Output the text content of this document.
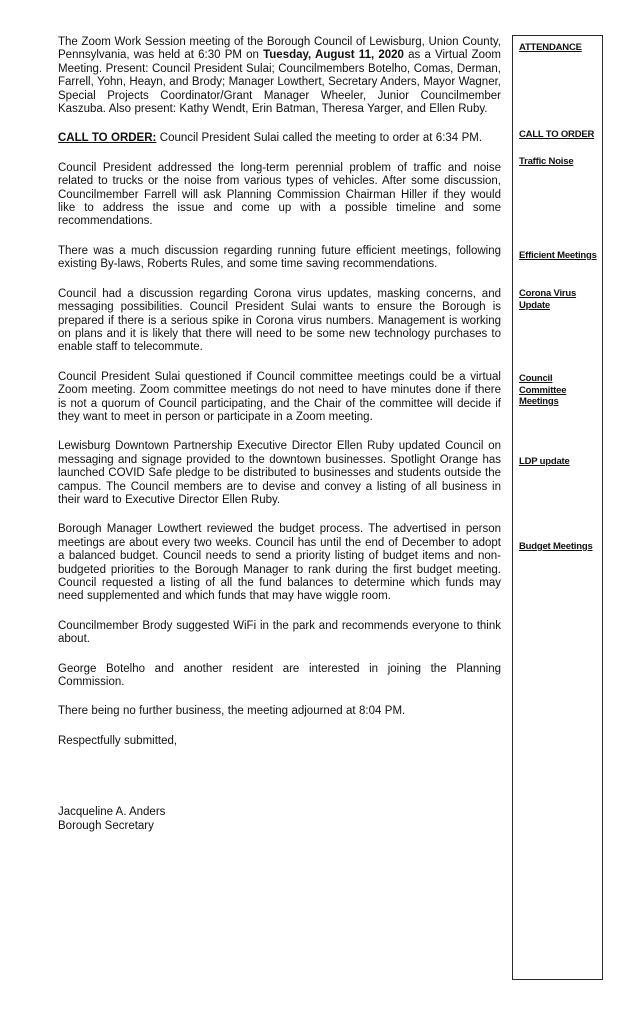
The Zoom Work Session meeting of the Borough Council of Lewisburg, Union County, Pennsylvania, was held at 6:30 PM on Tuesday, August 11, 2020 as a Virtual Zoom Meeting. Present: Council President Sulai; Councilmembers Botelho, Comas, Derman, Farrell, Yohn, Heayn, and Brody; Manager Lowthert, Secretary Anders, Mayor Wagner, Special Projects Coordinator/Grant Manager Wheeler, Junior Councilmember Kaszuba. Also present: Kathy Wendt, Erin Batman, Theresa Yarger, and Ellen Ruby.

CALL TO ORDER: Council President Sulai called the meeting to order at 6:34 PM.

Council President addressed the long-term perennial problem of traffic and noise related to trucks or the noise from various types of vehicles. After some discussion, Councilmember Farrell will ask Planning Commission Chairman Hiller if they would like to address the issue and come up with a possible timeline and some recommendations.

There was a much discussion regarding running future efficient meetings, following existing By-laws, Roberts Rules, and some time saving recommendations.

Council had a discussion regarding Corona virus updates, masking concerns, and messaging possibilities. Council President Sulai wants to ensure the Borough is prepared if there is a serious spike in Corona virus numbers. Management is working on plans and it is likely that there will need to be some new technology purchases to enable staff to telecommute.

Council President Sulai questioned if Council committee meetings could be a virtual Zoom meeting. Zoom committee meetings do not need to have minutes done if there is not a quorum of Council participating, and the Chair of the committee will decide if they want to meet in person or participate in a Zoom meeting.

Lewisburg Downtown Partnership Executive Director Ellen Ruby updated Council on messaging and signage provided to the downtown businesses. Spotlight Orange has launched COVID Safe pledge to be distributed to businesses and students outside the campus. The Council members are to devise and convey a listing of all business in their ward to Executive Director Ellen Ruby.

Borough Manager Lowthert reviewed the budget process. The advertised in person meetings are about every two weeks. Council has until the end of December to adopt a balanced budget. Council needs to send a priority listing of budget items and non-budgeted priorities to the Borough Manager to rank during the first budget meeting. Council requested a listing of all the fund balances to determine which funds may need supplemented and which funds that may have wiggle room.

Councilmember Brody suggested WiFi in the park and recommends everyone to think about.

George Botelho and another resident are interested in joining the Planning Commission.

There being no further business, the meeting adjourned at 8:04 PM.

Respectfully submitted,

Jacqueline A. Anders
Borough Secretary
ATTENDANCE
CALL TO ORDER
Traffic Noise
Efficient Meetings
Corona Virus Update
Council Committee Meetings
LDP update
Budget Meetings
